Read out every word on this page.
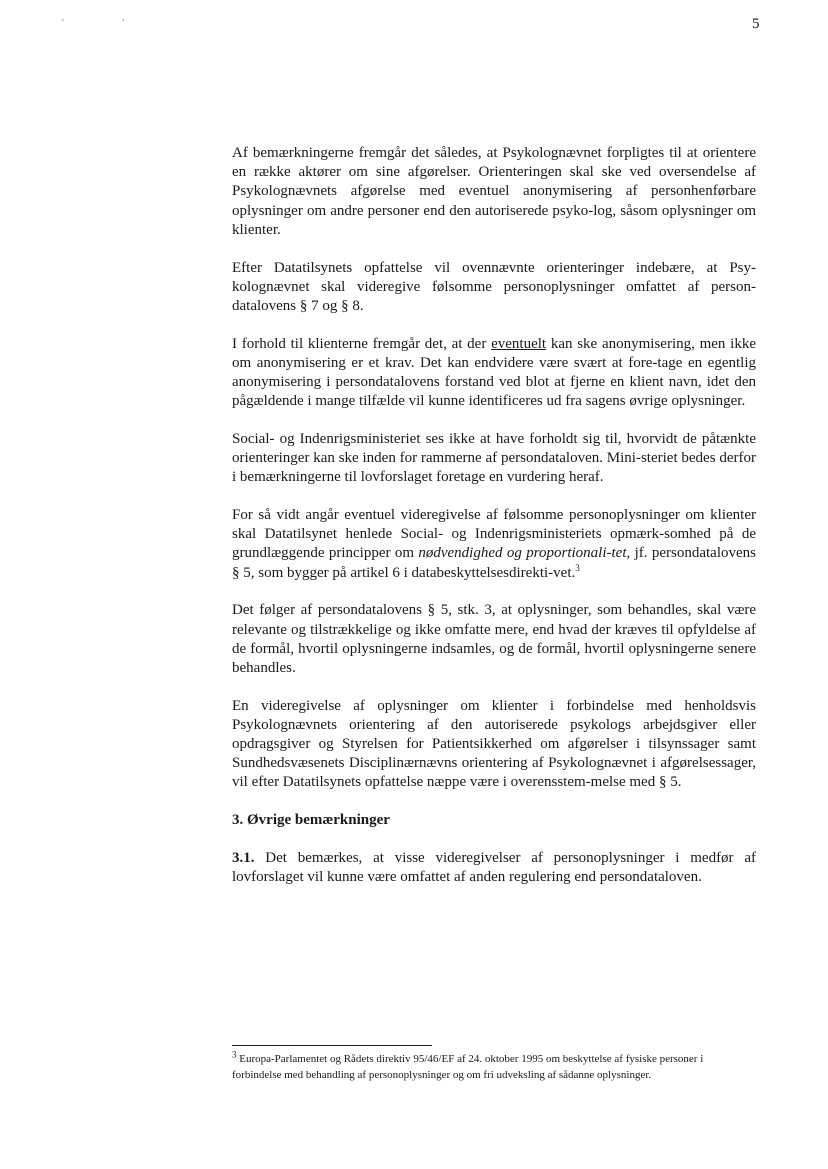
' '	5

Af bemærkningerne fremgår det således, at Psykolognævnet forpligtes til at orientere en række aktører om sine afgørelser. Orienteringen skal ske ved oversendelse af Psykolognævnets afgørelse med eventuel anonymisering af personhenførbare oplysninger om andre personer end den autoriserede psyko-log, såsom oplysninger om klienter.

Efter Datatilsynets opfattelse vil ovennævnte orienteringer indebære, at Psy-kolognævnet skal videregive følsomme personoplysninger omfattet af person-datalovens § 7 og § 8.

I forhold til klienterne fremgår det, at der eventuelt kan ske anonymisering, men ikke om anonymisering er et krav. Det kan endvidere være svært at fore-tage en egentlig anonymisering i persondatalovens forstand ved blot at fjerne en klient navn, idet den pågældende i mange tilfælde vil kunne identificeres ud fra sagens øvrige oplysninger.

Social- og Indenrigsministeriet ses ikke at have forholdt sig til, hvorvidt de påtænkte orienteringer kan ske inden for rammerne af persondataloven. Mini-steriet bedes derfor i bemærkningerne til lovforslaget foretage en vurdering heraf.

For så vidt angår eventuel videregivelse af følsomme personoplysninger om klienter skal Datatilsynet henlede Social- og Indenrigsministeriets opmærk-somhed på de grundlæggende principper om nødvendighed og proportionali-tet, jf. persondatalovens § 5, som bygger på artikel 6 i databeskyttelsesdirekti-vet.$^3$

Det følger af persondatalovens § 5, stk. 3, at oplysninger, som behandles, skal være relevante og tilstrækkelige og ikke omfatte mere, end hvad der kræves til opfyldelse af de formål, hvortil oplysningerne indsamles, og de formål, hvortil oplysningerne senere behandles.

En videregivelse af oplysninger om klienter i forbindelse med henholdsvis Psykolognævnets orientering af den autoriserede psykologs arbejdsgiver eller opdragsgiver og Styrelsen for Patientsikkerhed om afgørelser i tilsynssager samt Sundhedsvæsenets Disciplinærnævns orientering af Psykolognævnet i afgørelsessager, vil efter Datatilsynets opfattelse næppe være i overensstem-melse med § 5.

3. Øvrige bemærkninger

3.1. Det bemærkes, at visse videregivelser af personoplysninger i medfør af lovforslaget vil kunne være omfattet af anden regulering end persondataloven.

$^3$ Europa-Parlamentet og Rådets direktiv 95/46/EF af 24. oktober 1995 om beskyttelse af fysiske personer i forbindelse med behandling af personoplysninger og om fri udveksling af sådanne oplysninger.
